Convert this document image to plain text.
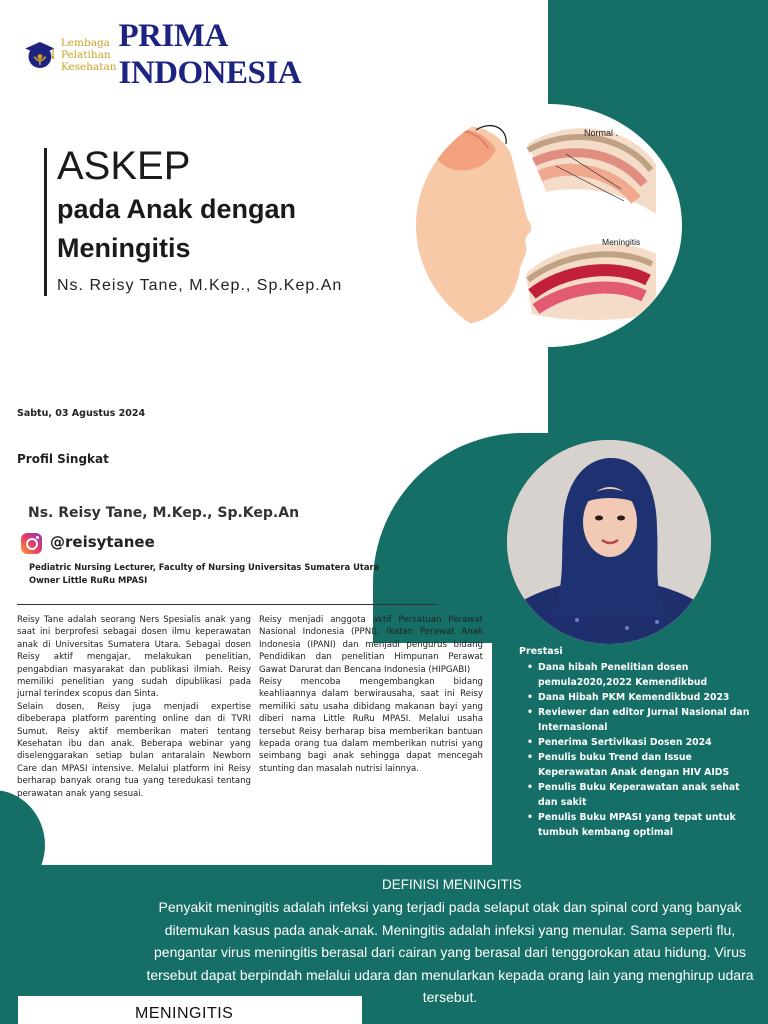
Lembaga
Pelatihan
Kesehatan
PRIMA INDONESIA
ASKEP
pada Anak dengan
Meningitis
Ns. Reisy Tane, M.Kep., Sp.Kep.An
Normal .
Meningitis
Sabtu, 03 Agustus 2024
Profil Singkat
Ns. Reisy Tane, M.Kep., Sp.Kep.An
@reisytanee
Pediatric Nursing Lecturer, Faculty of Nursing Universitas Sumatera Utara
Owner Little RuRu MPASI

Reisy Tane adalah seorang Ners Spesialis anak yang saat ini berprofesi sebagai dosen ilmu keperawatan anak di Universitas Sumatera Utara. Sebagai dosen Reisy aktif mengajar, melakukan penelitian, pengabdian masyarakat dan publikasi ilmiah. Reisy memiliki penelitian yang sudah dipublikasi pada jurnal terindex scopus dan Sinta.

Selain dosen, Reisy juga menjadi expertise dibeberapa platform parenting online dan di TVRI Sumut. Reisy aktif memberikan materi tentang Kesehatan ibu dan anak. Beberapa webinar yang diselenggarakan setiap bulan antaralain Newborn Care dan MPASI intensive. Melalui platform ini Reisy berharap banyak orang tua yang teredukasi tentang perawatan anak yang sesuai.

Reisy menjadi anggota aktif Persatuan Perawat Nasional Indonesia (PPNI), Ikatan Perawat Anak Indonesia (IPANI) dan menjadi pengurus bidang Pendidikan dan penelitian Himpunan Perawat Gawat Darurat dan Bencana Indonesia (HIPGABI)

Reisy mencoba mengembangkan bidang keahliaannya dalam berwirausaha, saat ini Reisy memiliki satu usaha dibidang makanan bayi yang diberi nama Little RuRu MPASI. Melalui usaha tersebut Reisy berharap bisa memberikan bantuan kepada orang tua dalam memberikan nutrisi yang seimbang bagi anak sehingga dapat mencegah stunting dan masalah nutrisi lainnya.

Prestasi
• Dana hibah Penelitian dosen pemula2020,2022 Kemendikbud
• Dana Hibah PKM Kemendikbud 2023
• Reviewer dan editor Jurnal Nasional dan Internasional
• Penerima Sertivikasi Dosen 2024
• Penulis buku Trend dan Issue Keperawatan Anak dengan HIV AIDS
• Penulis Buku Keperawatan anak sehat dan sakit
• Penulis Buku MPASI yang tepat untuk tumbuh kembang optimal
DEFINISI MENINGITIS
Penyakit meningitis adalah infeksi yang terjadi pada selaput otak dan spinal cord yang banyak ditemukan kasus pada anak-anak. Meningitis adalah infeksi yang menular. Sama seperti flu, pengantar virus meningitis berasal dari cairan yang berasal dari tenggorokan atau hidung. Virus tersebut dapat berpindah melalui udara dan menularkan kepada orang lain yang menghirup udara tersebut.
MENINGITIS
